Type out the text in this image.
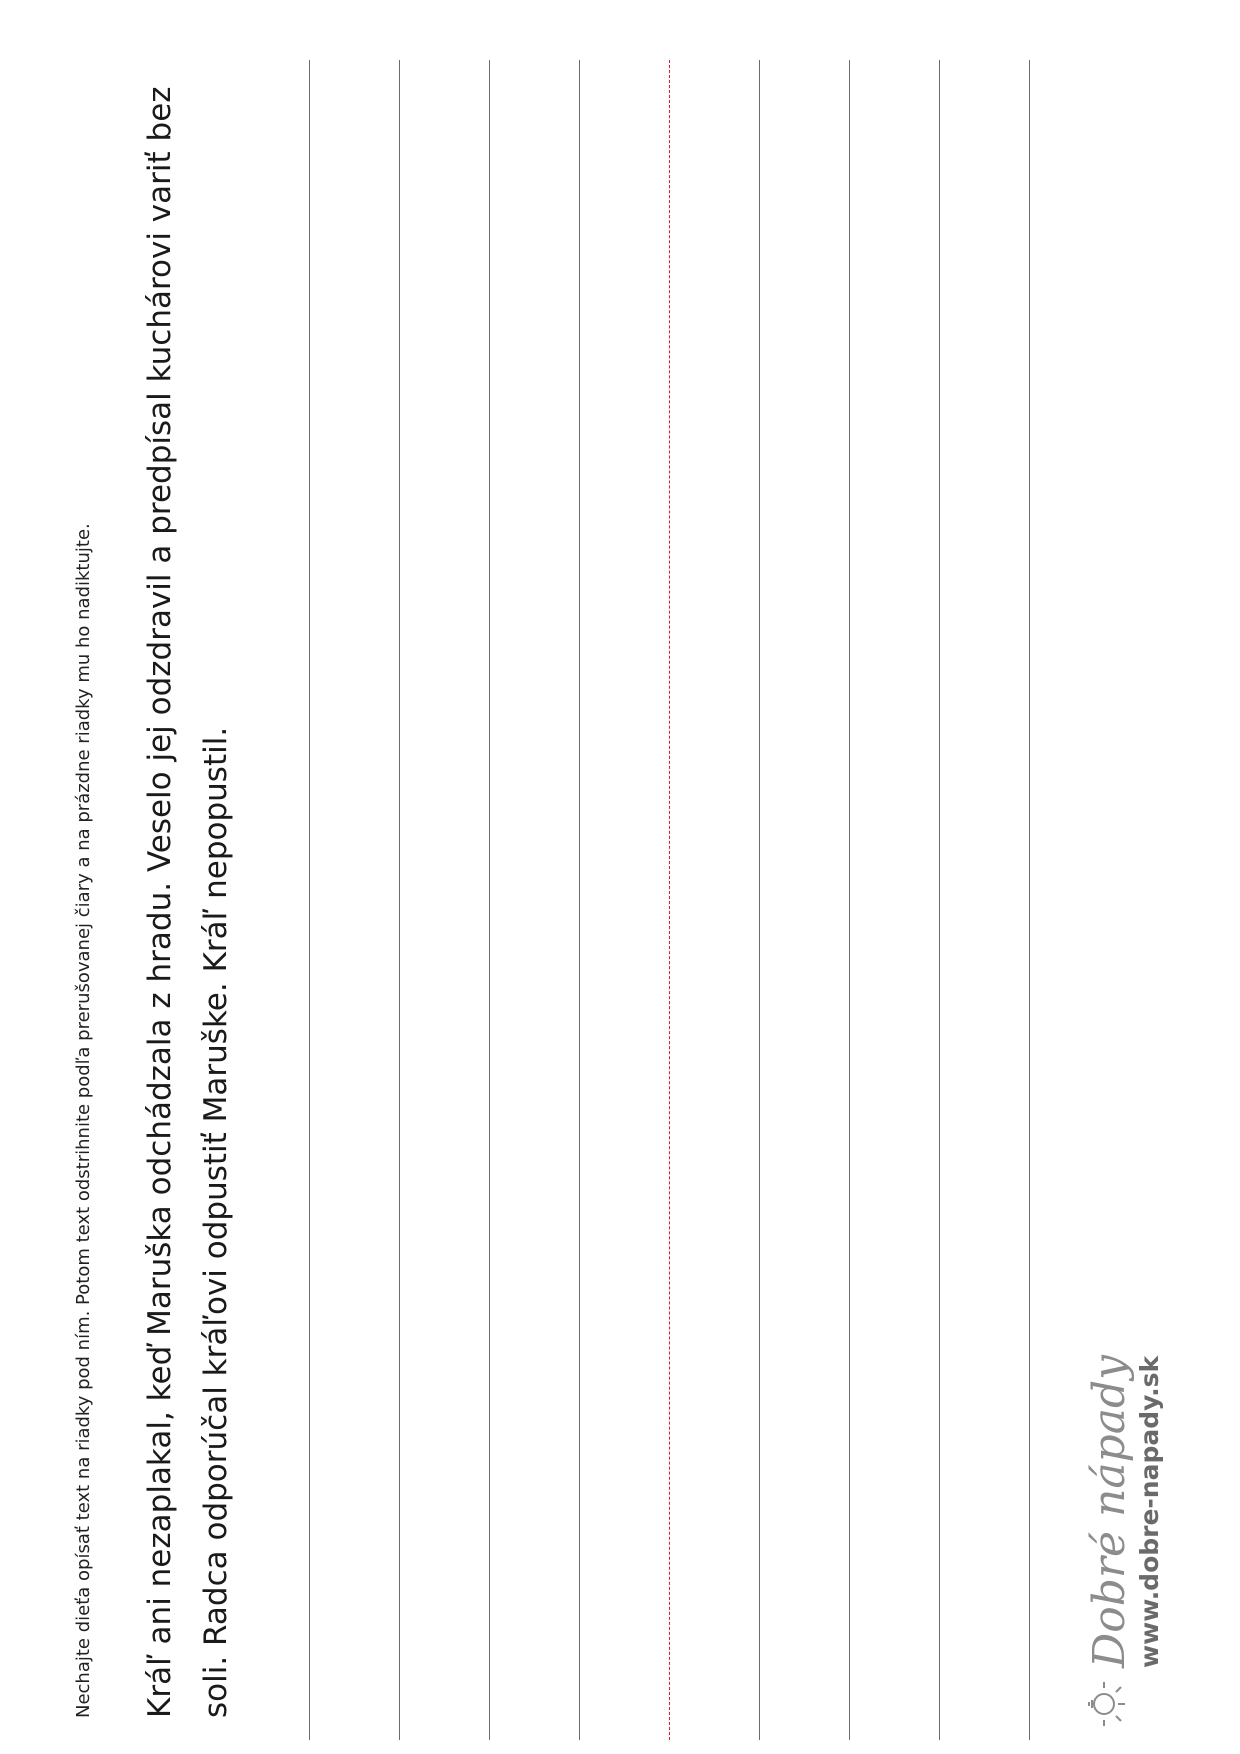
Nechajte dieťa opísať text na riadky pod ním. Potom text odstrihnite podľa prerušovanej čiary a na prázdne riadky mu ho nadiktujte. Kráľ ani nezaplakal, keď Maruška odchádzala z hradu. Veselo jej odzdravil a predpísal kuchárovi variť bez soli. Radca odporúčal kráľovi odpustiť Maruške. Kráľ nepopustil.	Dobré nápady www.dobre-napady.sk
